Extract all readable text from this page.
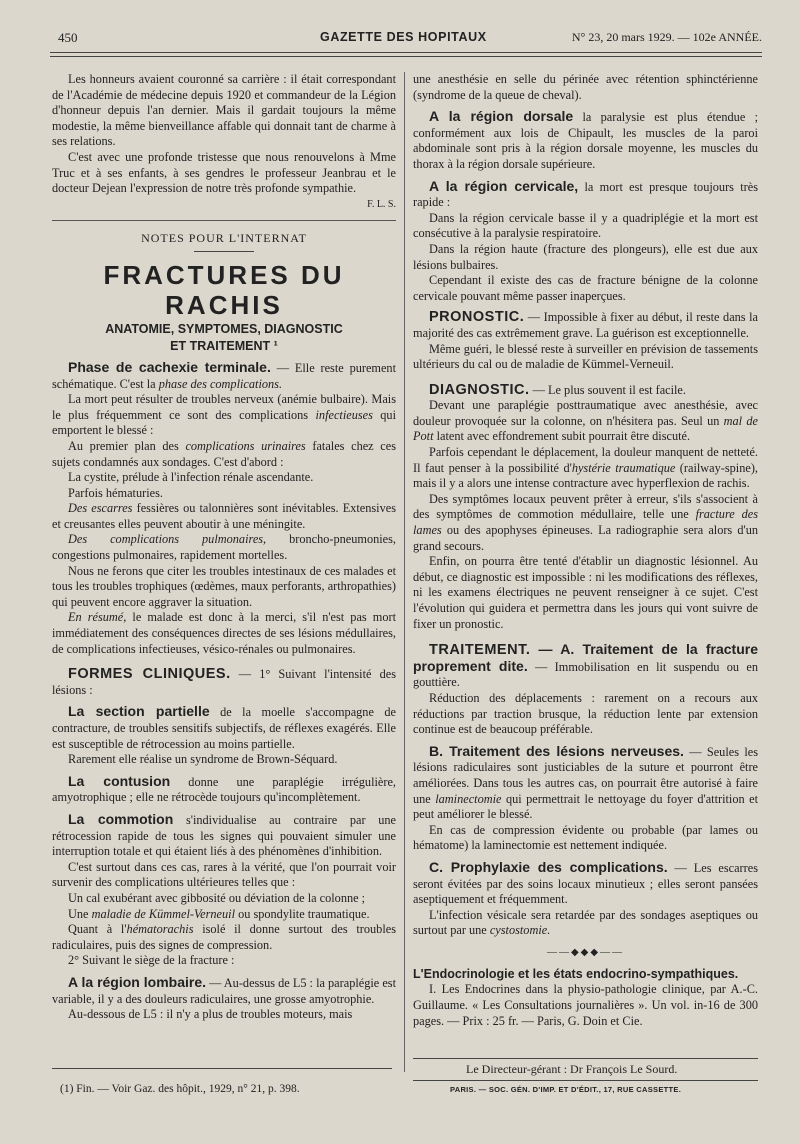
450	GAZETTE DES HOPITAUX	N° 23, 20 mars 1929. — 102e ANNÉE.

Les honneurs avaient couronné sa carrière : il était correspondant de l'Académie de médecine depuis 1920 et commandeur de la Légion d'honneur depuis l'an dernier. Mais il gardait toujours la même modestie, la même bienveillance affable qui donnait tant de charme à ses relations.

C'est avec une profonde tristesse que nous renouvelons à Mme Truc et à ses enfants, à ses gendres le professeur Jeanbrau et le docteur Dejean l'expression de notre très profonde sympathie.

F. L. S.

NOTES POUR L'INTERNAT

FRACTURES DU RACHIS

ANATOMIE, SYMPTOMES, DIAGNOSTIC

ET TRAITEMENT ¹

Phase de cachexie terminale. — Elle reste purement schématique. C'est la phase des complications.

La mort peut résulter de troubles nerveux (anémie bulbaire). Mais le plus fréquemment ce sont des complications infectieuses qui emportent le blessé :

Au premier plan des complications urinaires fatales chez ces sujets condamnés aux sondages. C'est d'abord :

La cystite, prélude à l'infection rénale ascendante.

Parfois hématuries.

Des escarres fessières ou talonnières sont inévitables. Extensives et creusantes elles peuvent aboutir à une méningite.

Des complications pulmonaires, broncho-pneumonies, congestions pulmonaires, rapidement mortelles.

Nous ne ferons que citer les troubles intestinaux de ces malades et tous les troubles trophiques (œdèmes, maux perforants, arthropathies) qui peuvent encore aggraver la situation.

En résumé, le malade est donc à la merci, s'il n'est pas mort immédiatement des conséquences directes de ses lésions médullaires, de complications infectieuses, vésico-rénales ou pulmonaires.

FORMES CLINIQUES. — 1° Suivant l'intensité des lésions :

La section partielle de la moelle s'accompagne de contracture, de troubles sensitifs subjectifs, de réflexes exagérés. Elle est susceptible de rétrocession au moins partielle.

Rarement elle réalise un syndrome de Brown-Séquard.

La contusion donne une paraplégie irrégulière, amyotrophique ; elle ne rétrocède toujours qu'incomplètement.

La commotion s'individualise au contraire par une rétrocession rapide de tous les signes qui pouvaient simuler une interruption totale et qui étaient liés à des phénomènes d'inhibition.

C'est surtout dans ces cas, rares à la vérité, que l'on pourrait voir survenir des complications ultérieures telles que :

Un cal exubérant avec gibbosité ou déviation de la colonne ;

Une maladie de Kümmel-Verneuil ou spondylite traumatique.

Quant à l'hématorachis isolé il donne surtout des troubles radiculaires, puis des signes de compression.

2° Suivant le siège de la fracture :

A la région lombaire. — Au-dessus de L5 : la paraplégie est variable, il y a des douleurs radiculaires, une grosse amyotrophie.

Au-dessous de L5 : il n'y a plus de troubles moteurs, mais

(1) Fin. — Voir Gaz. des hôpit., 1929, n° 21, p. 398.

une anesthésie en selle du périnée avec rétention sphinctérienne (syndrome de la queue de cheval).

A la région dorsale la paralysie est plus étendue ; conformément aux lois de Chipault, les muscles de la paroi abdominale sont pris à la région dorsale moyenne, les muscles du thorax à la région dorsale supérieure.

A la région cervicale, la mort est presque toujours très rapide :

Dans la région cervicale basse il y a quadriplégie et la mort est consécutive à la paralysie respiratoire.

Dans la région haute (fracture des plongeurs), elle est due aux lésions bulbaires.

Cependant il existe des cas de fracture bénigne de la colonne cervicale pouvant même passer inaperçues.

PRONOSTIC. — Impossible à fixer au début, il reste dans la majorité des cas extrêmement grave. La guérison est exceptionnelle.

Même guéri, le blessé reste à surveiller en prévision de tassements ultérieurs du cal ou de maladie de Kümmel-Verneuil.

DIAGNOSTIC. — Le plus souvent il est facile.

Devant une paraplégie posttraumatique avec anesthésie, avec douleur provoquée sur la colonne, on n'hésitera pas. Seul un mal de Pott latent avec effondrement subit pourrait être discuté.

Parfois cependant le déplacement, la douleur manquent de netteté. Il faut penser à la possibilité d'hystérie traumatique (railway-spine), mais il y a alors une intense contracture avec hyperflexion de rachis.

Des symptômes locaux peuvent prêter à erreur, s'ils s'associent à des symptômes de commotion médullaire, telle une fracture des lames ou des apophyses épineuses. La radiographie sera alors d'un grand secours.

Enfin, on pourra être tenté d'établir un diagnostic lésionnel. Au début, ce diagnostic est impossible : ni les modifications des réflexes, ni les examens électriques ne peuvent renseigner à ce sujet. C'est l'évolution qui guidera et permettra dans les jours qui vont suivre de fixer un pronostic.

TRAITEMENT. — A. Traitement de la fracture proprement dite. — Immobilisation en lit suspendu ou en gouttière.

Réduction des déplacements : rarement on a recours aux réductions par traction brusque, la réduction lente par extension continue est de beaucoup préférable.

B. Traitement des lésions nerveuses. — Seules les lésions radiculaires sont justiciables de la suture et pourront être améliorées. Dans tous les autres cas, on pourrait être autorisé à faire une laminectomie qui permettrait le nettoyage du foyer d'attrition et peut améliorer le blessé.

En cas de compression évidente ou probable (par lames ou hématome) la laminectomie est nettement indiquée.

C. Prophylaxie des complications. — Les escarres seront évitées par des soins locaux minutieux ; elles seront pansées aseptiquement et fréquemment.

L'infection vésicale sera retardée par des sondages aseptiques ou surtout par une cystostomie.

——◆◆◆——

L'Endocrinologie et les états endocrino-sympathiques.

I. Les Endocrines dans la physio-pathologie clinique, par A.-C. Guillaume. « Les Consultations journalières ». Un vol. in-16 de 300 pages. — Prix : 25 fr. — Paris, G. Doin et Cie.

Le Directeur-gérant : Dr François Le Sourd.
PARIS. — SOC. GÉN. D'IMP. ET D'ÉDIT., 17, RUE CASSETTE.
